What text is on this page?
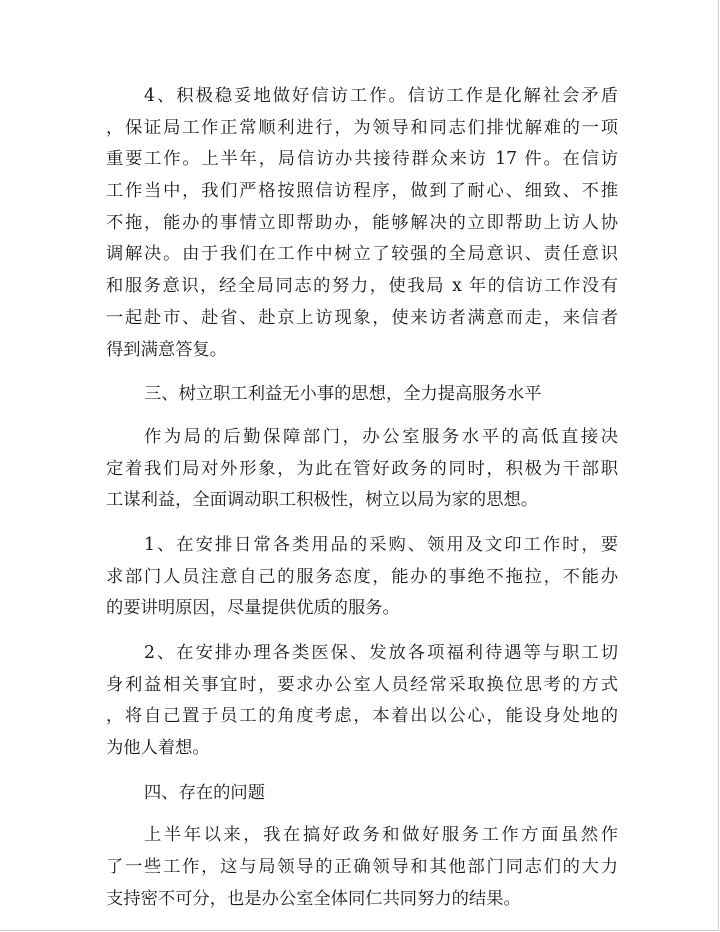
4、积极稳妥地做好信访工作。信访工作是化解社会矛盾
，保证局工作正常顺利进行，为领导和同志们排忧解难的一项
重要工作。上半年，局信访办共接待群众来访 17 件。在信访
工作当中，我们严格按照信访程序，做到了耐心、细致、不推
不拖，能办的事情立即帮助办，能够解决的立即帮助上访人协
调解决。由于我们在工作中树立了较强的全局意识、责任意识
和服务意识，经全局同志的努力，使我局 x 年的信访工作没有
一起赴市、赴省、赴京上访现象，使来访者满意而走，来信者
得到满意答复。
三、树立职工利益无小事的思想，全力提高服务水平
作为局的后勤保障部门，办公室服务水平的高低直接决
定着我们局对外形象，为此在管好政务的同时，积极为干部职
工谋利益，全面调动职工积极性，树立以局为家的思想。
1、在安排日常各类用品的采购、领用及文印工作时，要
求部门人员注意自己的服务态度，能办的事绝不拖拉，不能办
的要讲明原因，尽量提供优质的服务。
2、在安排办理各类医保、发放各项福利待遇等与职工切
身利益相关事宜时，要求办公室人员经常采取换位思考的方式
，将自己置于员工的角度考虑，本着出以公心，能设身处地的
为他人着想。
四、存在的问题
上半年以来，我在搞好政务和做好服务工作方面虽然作
了一些工作，这与局领导的正确领导和其他部门同志们的大力
支持密不可分，也是办公室全体同仁共同努力的结果。
